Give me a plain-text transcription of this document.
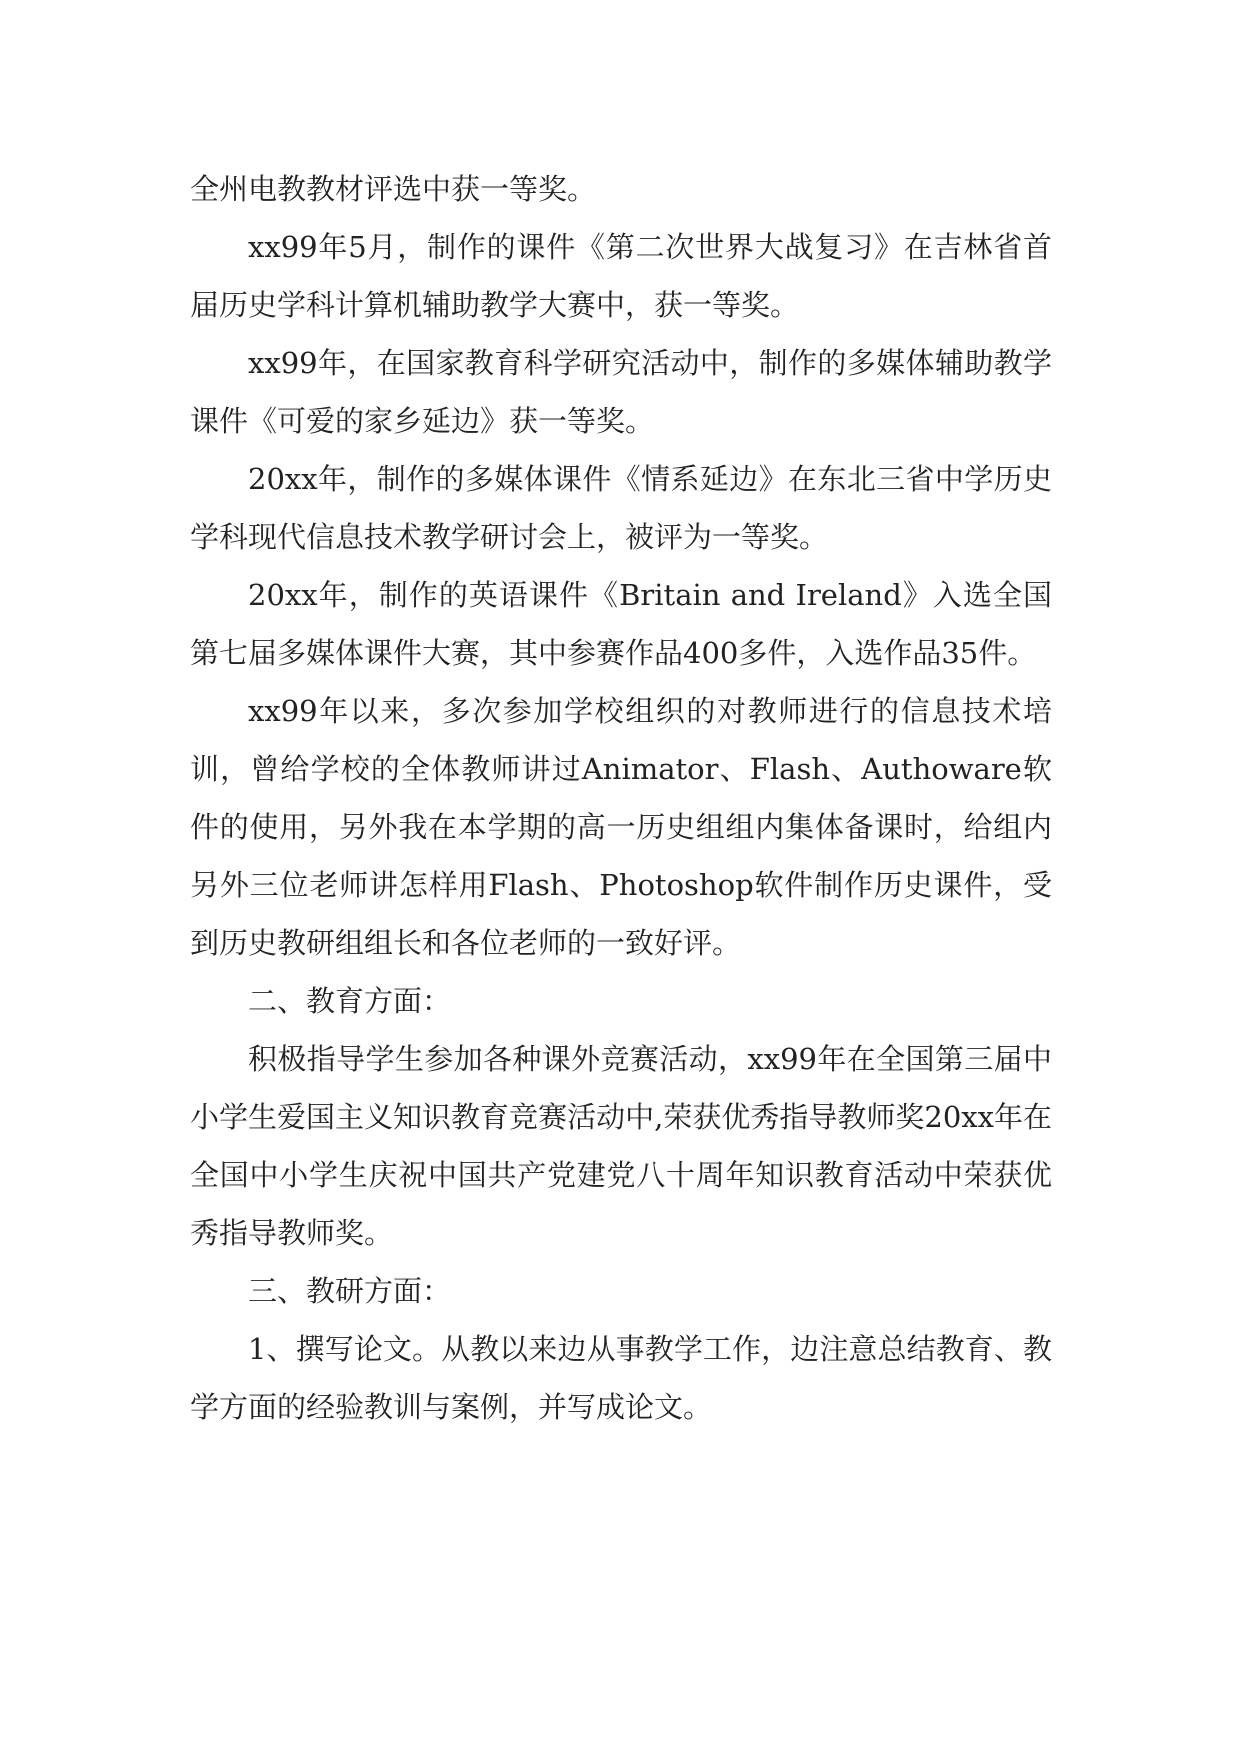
全州电教教材评选中获一等奖。

xx99年5月，制作的课件《第二次世界大战复习》在吉林省首届历史学科计算机辅助教学大赛中，获一等奖。

xx99年，在国家教育科学研究活动中，制作的多媒体辅助教学课件《可爱的家乡延边》获一等奖。

20xx年，制作的多媒体课件《情系延边》在东北三省中学历史学科现代信息技术教学研讨会上，被评为一等奖。

20xx年，制作的英语课件《Britain and Ireland》入选全国第七届多媒体课件大赛，其中参赛作品400多件，入选作品35件。

xx99年以来，多次参加学校组织的对教师进行的信息技术培训，曾给学校的全体教师讲过Animator、Flash、Authoware软件的使用，另外我在本学期的高一历史组组内集体备课时，给组内另外三位老师讲怎样用Flash、Photoshop软件制作历史课件，受到历史教研组组长和各位老师的一致好评。

二、教育方面：

积极指导学生参加各种课外竞赛活动，xx99年在全国第三届中小学生爱国主义知识教育竞赛活动中,荣获优秀指导教师奖20xx年在全国中小学生庆祝中国共产党建党八十周年知识教育活动中荣获优秀指导教师奖。

三、教研方面：

1、撰写论文。从教以来边从事教学工作，边注意总结教育、教学方面的经验教训与案例，并写成论文。
